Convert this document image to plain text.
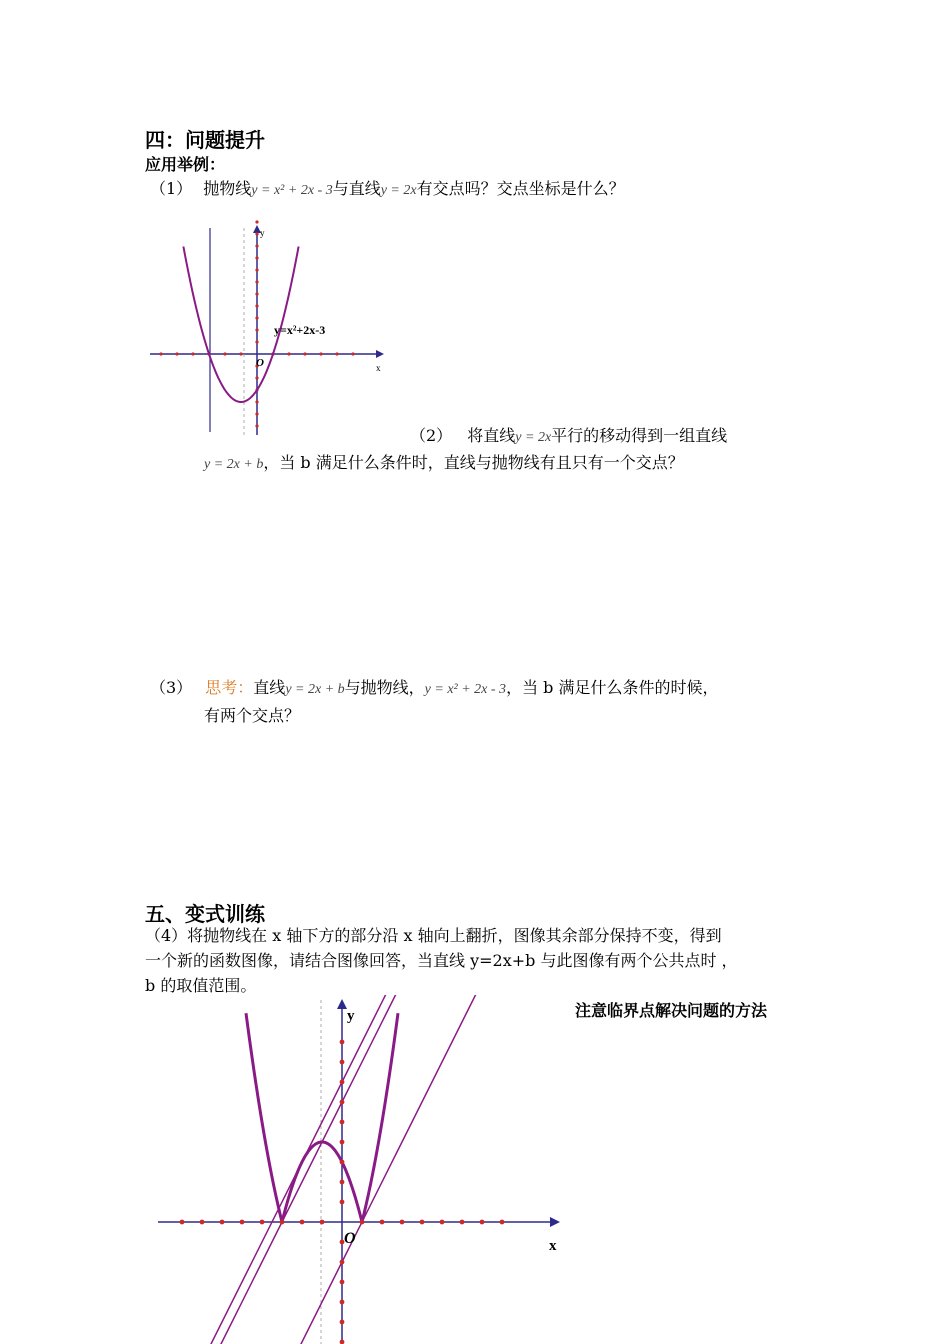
四：问题提升
应用举例：
（1） 抛物线y = x² + 2x - 3与直线y = 2x有交点吗？交点坐标是什么？
y=x²+2x-3
O	x
y
（2） 将直线y = 2x平行的移动得到一组直线
y = 2x + b，当 b 满足什么条件时，直线与抛物线有且只有一个交点？
（3） 思考：直线y = 2x + b与抛物线，y = x² + 2x - 3，当 b 满足什么条件的时候，
有两个交点？
五、变式训练
（4）将抛物线在 x 轴下方的部分沿 x 轴向上翻折，图像其余部分保持不变，得到
一个新的函数图像，请结合图像回答，当直线 y=2x+b 与此图像有两个公共点时 ，
b 的取值范围。
注意临界点解决问题的方法
O	x
y
